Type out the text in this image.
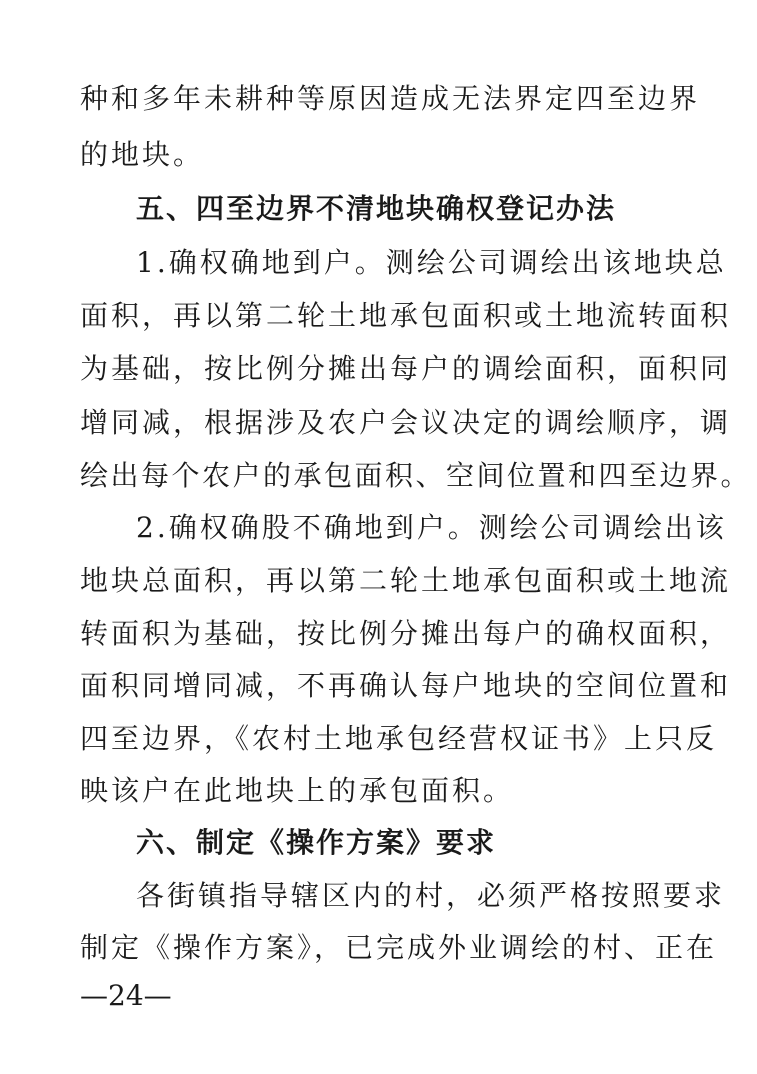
种和多年未耕种等原因造成无法界定四至边界
的地块。
五、四至边界不清地块确权登记办法
1.确权确地到户。测绘公司调绘出该地块总
面积，再以第二轮土地承包面积或土地流转面积
为基础，按比例分摊出每户的调绘面积，面积同
增同减，根据涉及农户会议决定的调绘顺序，调
绘出每个农户的承包面积、空间位置和四至边界。
2.确权确股不确地到户。测绘公司调绘出该
地块总面积，再以第二轮土地承包面积或土地流
转面积为基础，按比例分摊出每户的确权面积，
面积同增同减，不再确认每户地块的空间位置和
四至边界，《农村土地承包经营权证书》上只反
映该户在此地块上的承包面积。
六、制定《操作方案》要求
各街镇指导辖区内的村，必须严格按照要求
制定《操作方案》，已完成外业调绘的村、正在
—24—
